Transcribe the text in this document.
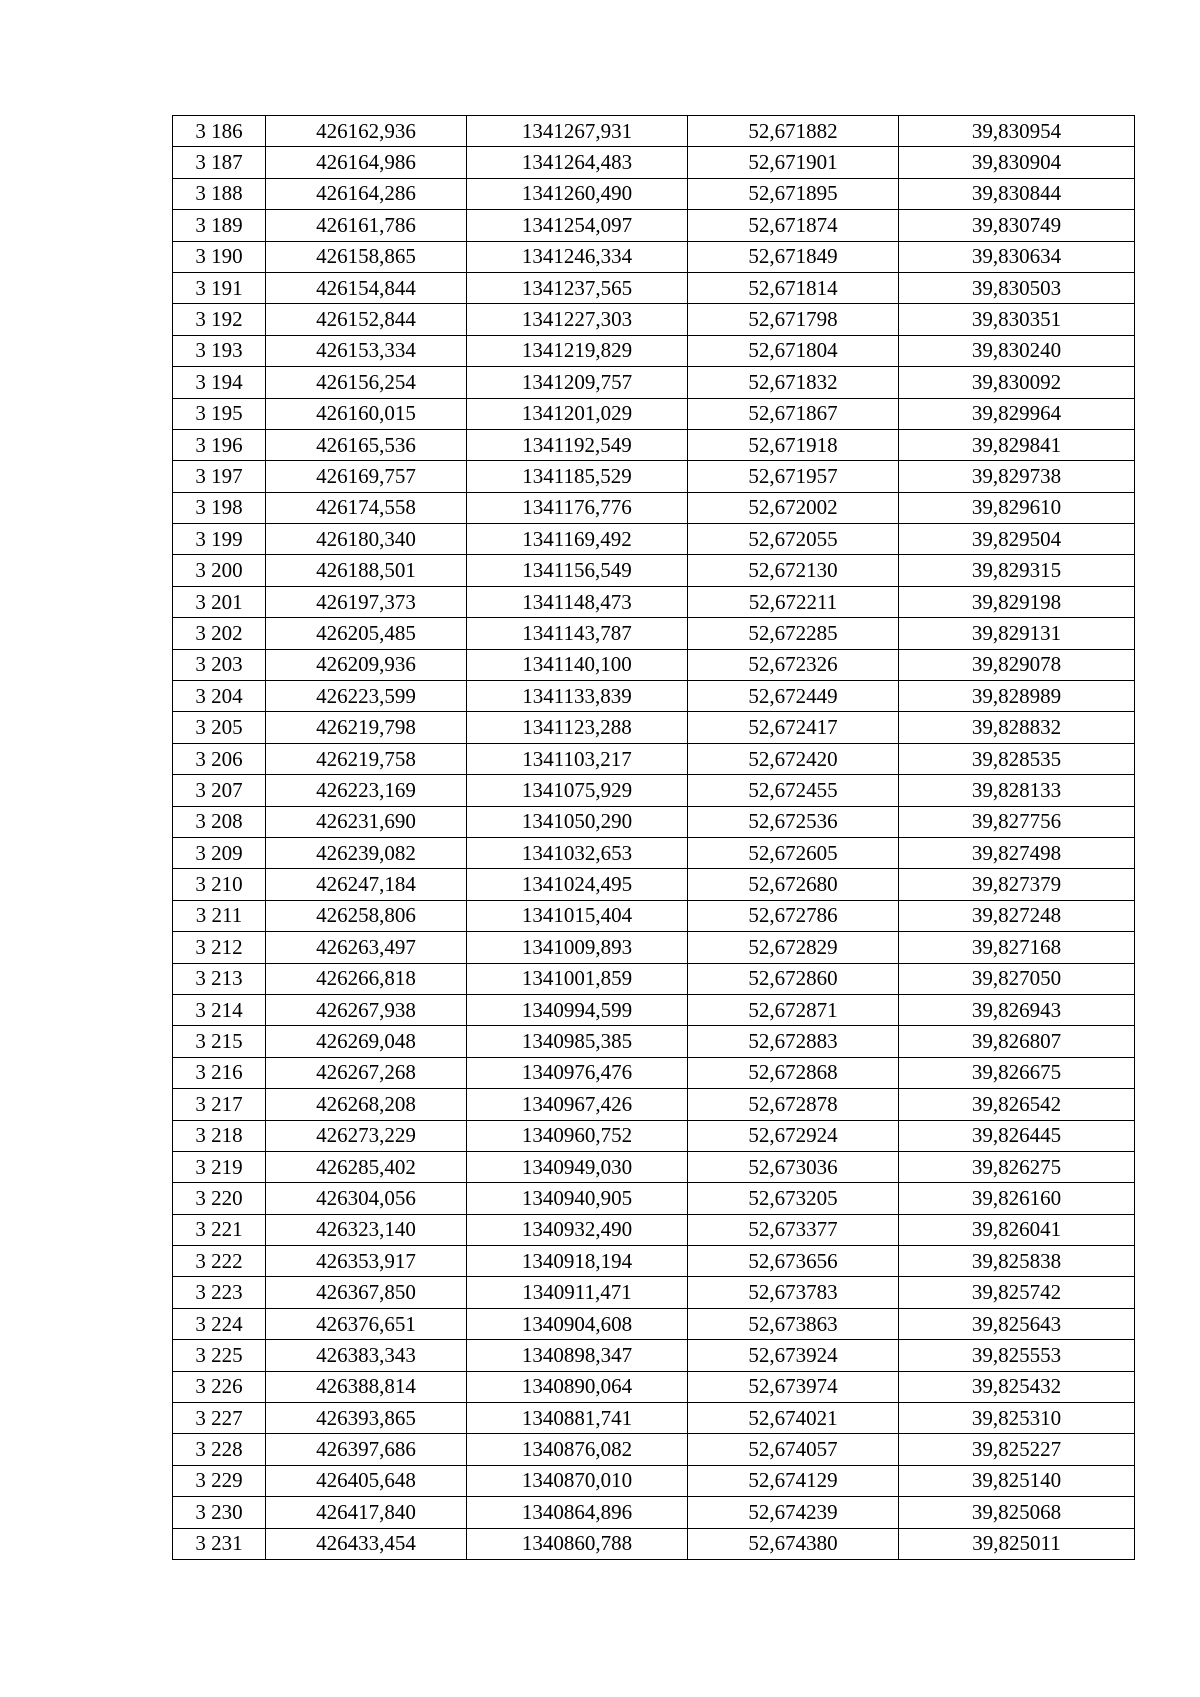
3 186	426162,936	1341267,931	52,671882	39,830954
3 187	426164,986	1341264,483	52,671901	39,830904
3 188	426164,286	1341260,490	52,671895	39,830844
3 189	426161,786	1341254,097	52,671874	39,830749
3 190	426158,865	1341246,334	52,671849	39,830634
3 191	426154,844	1341237,565	52,671814	39,830503
3 192	426152,844	1341227,303	52,671798	39,830351
3 193	426153,334	1341219,829	52,671804	39,830240
3 194	426156,254	1341209,757	52,671832	39,830092
3 195	426160,015	1341201,029	52,671867	39,829964
3 196	426165,536	1341192,549	52,671918	39,829841
3 197	426169,757	1341185,529	52,671957	39,829738
3 198	426174,558	1341176,776	52,672002	39,829610
3 199	426180,340	1341169,492	52,672055	39,829504
3 200	426188,501	1341156,549	52,672130	39,829315
3 201	426197,373	1341148,473	52,672211	39,829198
3 202	426205,485	1341143,787	52,672285	39,829131
3 203	426209,936	1341140,100	52,672326	39,829078
3 204	426223,599	1341133,839	52,672449	39,828989
3 205	426219,798	1341123,288	52,672417	39,828832
3 206	426219,758	1341103,217	52,672420	39,828535
3 207	426223,169	1341075,929	52,672455	39,828133
3 208	426231,690	1341050,290	52,672536	39,827756
3 209	426239,082	1341032,653	52,672605	39,827498
3 210	426247,184	1341024,495	52,672680	39,827379
3 211	426258,806	1341015,404	52,672786	39,827248
3 212	426263,497	1341009,893	52,672829	39,827168
3 213	426266,818	1341001,859	52,672860	39,827050
3 214	426267,938	1340994,599	52,672871	39,826943
3 215	426269,048	1340985,385	52,672883	39,826807
3 216	426267,268	1340976,476	52,672868	39,826675
3 217	426268,208	1340967,426	52,672878	39,826542
3 218	426273,229	1340960,752	52,672924	39,826445
3 219	426285,402	1340949,030	52,673036	39,826275
3 220	426304,056	1340940,905	52,673205	39,826160
3 221	426323,140	1340932,490	52,673377	39,826041
3 222	426353,917	1340918,194	52,673656	39,825838
3 223	426367,850	1340911,471	52,673783	39,825742
3 224	426376,651	1340904,608	52,673863	39,825643
3 225	426383,343	1340898,347	52,673924	39,825553
3 226	426388,814	1340890,064	52,673974	39,825432
3 227	426393,865	1340881,741	52,674021	39,825310
3 228	426397,686	1340876,082	52,674057	39,825227
3 229	426405,648	1340870,010	52,674129	39,825140
3 230	426417,840	1340864,896	52,674239	39,825068
3 231	426433,454	1340860,788	52,674380	39,825011
